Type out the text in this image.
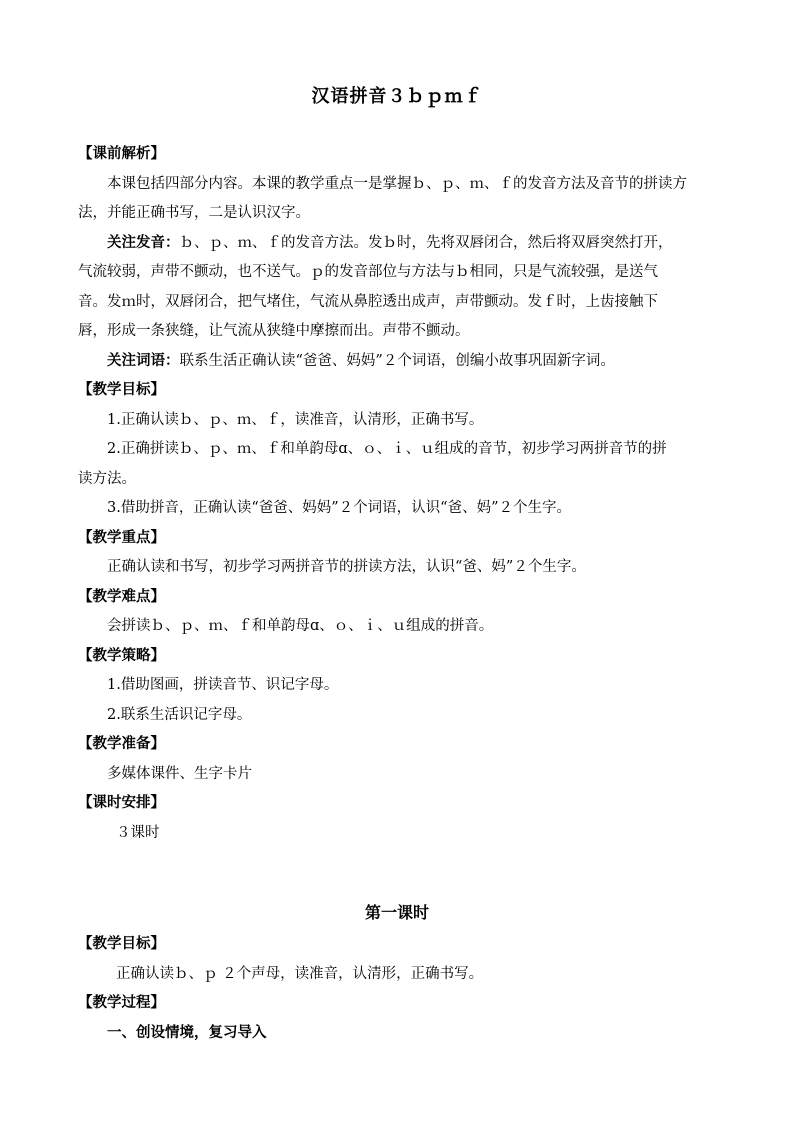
汉语拼音３ｂｐｍｆ
【课前解析】
本课包括四部分内容。本课的教学重点一是掌握ｂ、ｐ、ｍ、ｆ的发音方法及音节的拼读方
法，并能正确书写，二是认识汉字。
关注发音：ｂ、ｐ、ｍ、ｆ的发音方法。发ｂ时，先将双唇闭合，然后将双唇突然打开，
气流较弱，声带不颤动，也不送气。ｐ的发音部位与方法与ｂ相同，只是气流较强，是送气
音。发ｍ时，双唇闭合，把气堵住，气流从鼻腔透出成声，声带颤动。发ｆ时，上齿接触下
唇，形成一条狭缝，让气流从狭缝中摩擦而出。声带不颤动。
关注词语：联系生活正确认读“爸爸、妈妈”２个词语，创编小故事巩固新字词。
【教学目标】
1.正确认读ｂ、ｐ、ｍ、ｆ，读准音，认清形，正确书写。
2.正确拼读ｂ、ｐ、ｍ、ｆ和单韵母ɑ、ｏ、ｉ、ｕ组成的音节，初步学习两拼音节的拼
读方法。
3.借助拼音，正确认读“爸爸、妈妈”２个词语，认识“爸、妈”２个生字。
【教学重点】
正确认读和书写，初步学习两拼音节的拼读方法，认识“爸、妈”２个生字。
【教学难点】
会拼读ｂ、ｐ、ｍ、ｆ和单韵母ɑ、ｏ、ｉ、ｕ组成的拼音。
【教学策略】
1.借助图画，拼读音节、识记字母。
2.联系生活识记字母。
【教学准备】
多媒体课件、生字卡片
【课时安排】
３课时
第一课时
【教学目标】
正确认读ｂ、ｐ ２个声母，读准音，认清形，正确书写。
【教学过程】
一、创设情境，复习导入
